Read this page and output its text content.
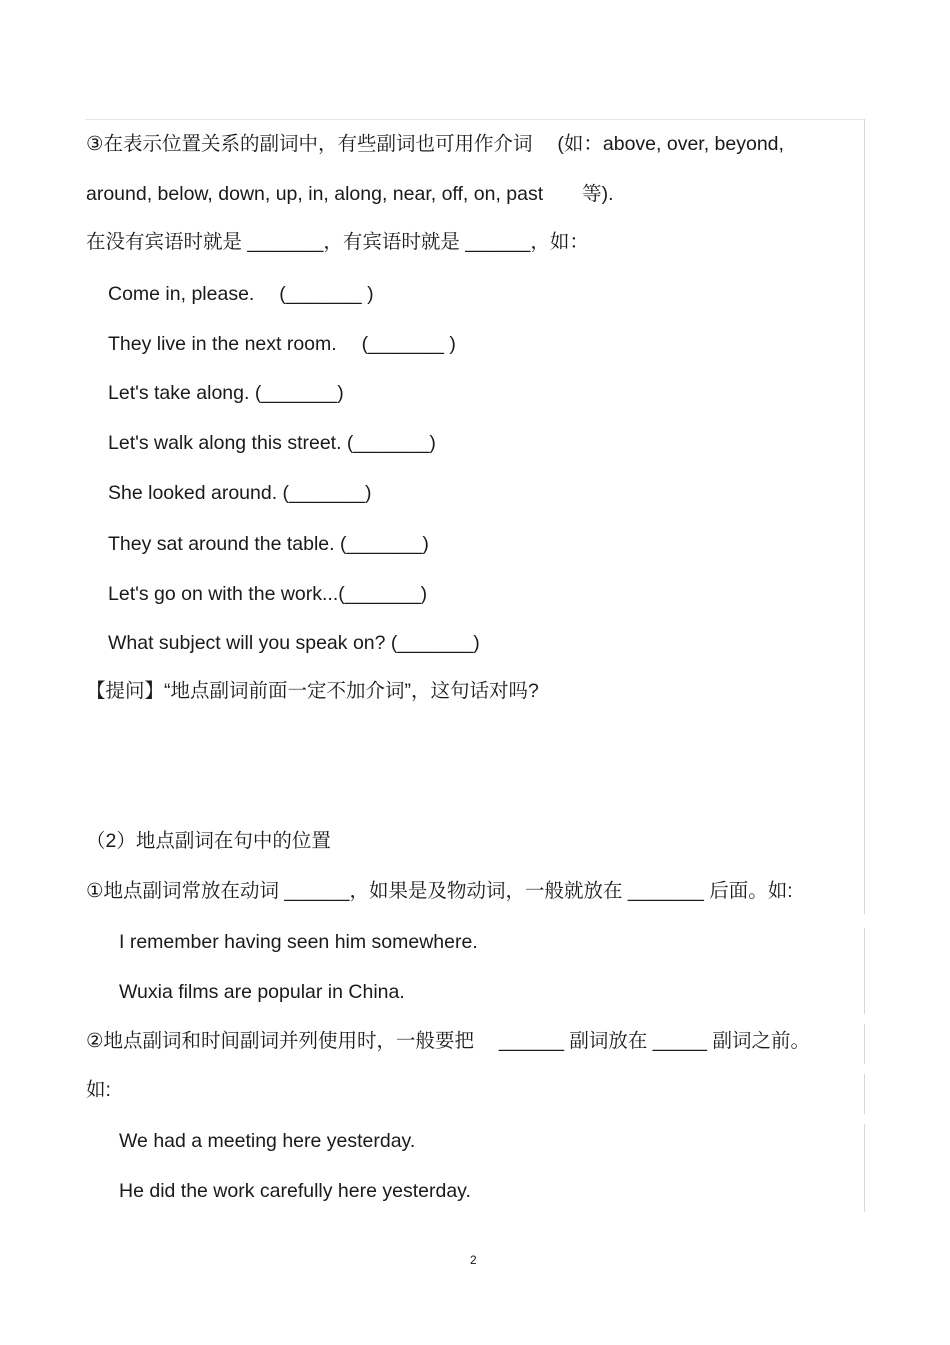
③在表示位置关系的副词中，有些副词也可用作介词　 (如：above, over, beyond,
around, below, down, up, in, along, near, off, on, past　　等).
在没有宾语时就是 _______，有宾语时就是 ______，如：
Come in, please.　 (_______ )
They live in the next room.　 (_______ )
Let's take along. (_______)
Let's walk along this street. (_______)
She looked around. (_______)
They sat around the table. (_______)
Let's go on with the work...(_______)
What subject will you speak on? (_______)
【提问】“地点副词前面一定不加介词”，这句话对吗?
（2）地点副词在句中的位置
①地点副词常放在动词 ______，如果是及物动词，一般就放在 _______ 后面。如:
I remember having seen him somewhere.
Wuxia films are popular in China.
②地点副词和时间副词并列使用时，一般要把　 ______ 副词放在 _____ 副词之前。
如:
We had a meeting here yesterday.
He did the work carefully here yesterday.
2
